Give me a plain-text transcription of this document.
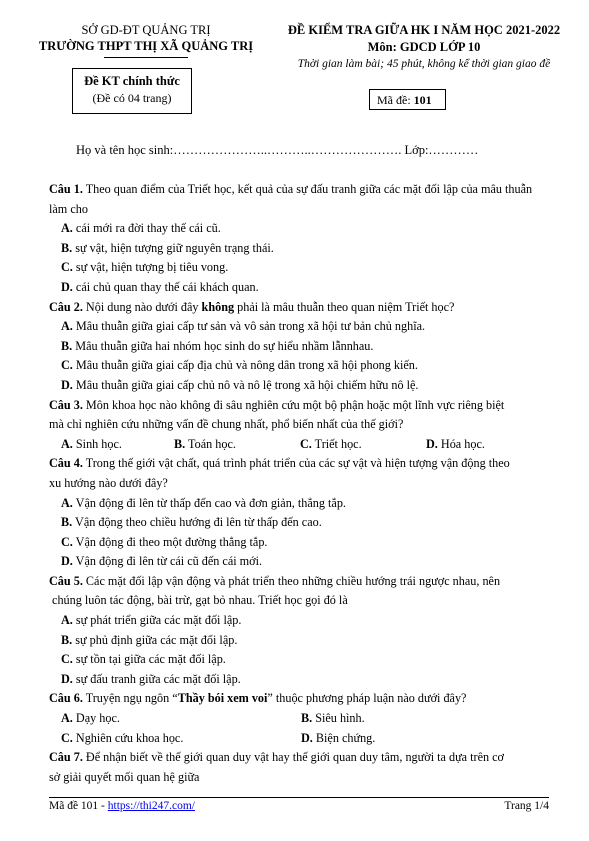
SỞ GD-ĐT QUẢNG TRỊ
TRƯỜNG THPT THỊ XÃ QUẢNG TRỊ
Đề KT chính thức
(Đề có 04 trang)
ĐỀ KIỂM TRA GIỮA HK I NĂM HỌC 2021-2022
Môn: GDCD LỚP 10
Thời gian làm bài; 45 phút, không kể thời gian giao đề
Mã đề: 101
Họ và tên học sinh:…………………..………..…………………. Lớp:…………
Câu 1. Theo quan điểm của Triết học, kết quả của sự đấu tranh giữa các mặt đối lập của mâu thuẫn
làm cho
A. cái mới ra đời thay thế cái cũ.
B. sự vật, hiện tượng giữ nguyên trạng thái.
C. sự vật, hiện tượng bị tiêu vong.
D. cái chủ quan thay thế cái khách quan.
Câu 2. Nội dung nào dưới đây không phải là mâu thuẫn theo quan niệm Triết học?
A. Mâu thuẫn giữa giai cấp tư sản và vô sản trong xã hội tư bản chủ nghĩa.
B. Mâu thuẫn giữa hai nhóm học sinh do sự hiểu nhầm lẫnnhau.
C. Mâu thuẫn giữa giai cấp địa chủ và nông dân trong xã hội phong kiến.
D. Mâu thuẫn giữa giai cấp chủ nô và nô lệ trong xã hội chiếm hữu nô lệ.
Câu 3. Môn khoa học nào không đi sâu nghiên cứu một bộ phận hoặc một lĩnh vực riêng biệt
mà chỉ nghiên cứu những vấn đề chung nhất, phổ biến nhất của thế giới?
A. Sinh học.	B. Toán học.	C. Triết học.	D. Hóa học.
Câu 4. Trong thế giới vật chất, quá trình phát triển của các sự vật và hiện tượng vận động theo
xu hướng nào dưới đây?
A. Vận động đi lên từ thấp đến cao và đơn giản, thẳng tắp.
B. Vận động theo chiều hướng đi lên từ thấp đến cao.
C. Vận động đi theo một đường thẳng tắp.
D. Vận động đi lên từ cái cũ đến cái mới.
Câu 5. Các mặt đối lập vận động và phát triển theo những chiều hướng trái ngược nhau, nên
chúng luôn tác động, bài trừ, gạt bỏ nhau. Triết học gọi đó là
A. sự phát triển giữa các mặt đối lập.
B. sự phủ định giữa các mặt đối lập.
C. sự tồn tại giữa các mặt đối lập.
D. sự đấu tranh giữa các mặt đối lập.
Câu 6. Truyện ngụ ngôn “Thầy bói xem voi” thuộc phương pháp luận nào dưới đây?
A. Dạy học.	B. Siêu hình.
C. Nghiên cứu khoa học.	D. Biện chứng.
Câu 7. Để nhận biết về thế giới quan duy vật hay thế giới quan duy tâm, người ta dựa trên cơ
sở giải quyết mối quan hệ giữa
Mã đề 101 - https://thi247.com/	Trang 1/4
